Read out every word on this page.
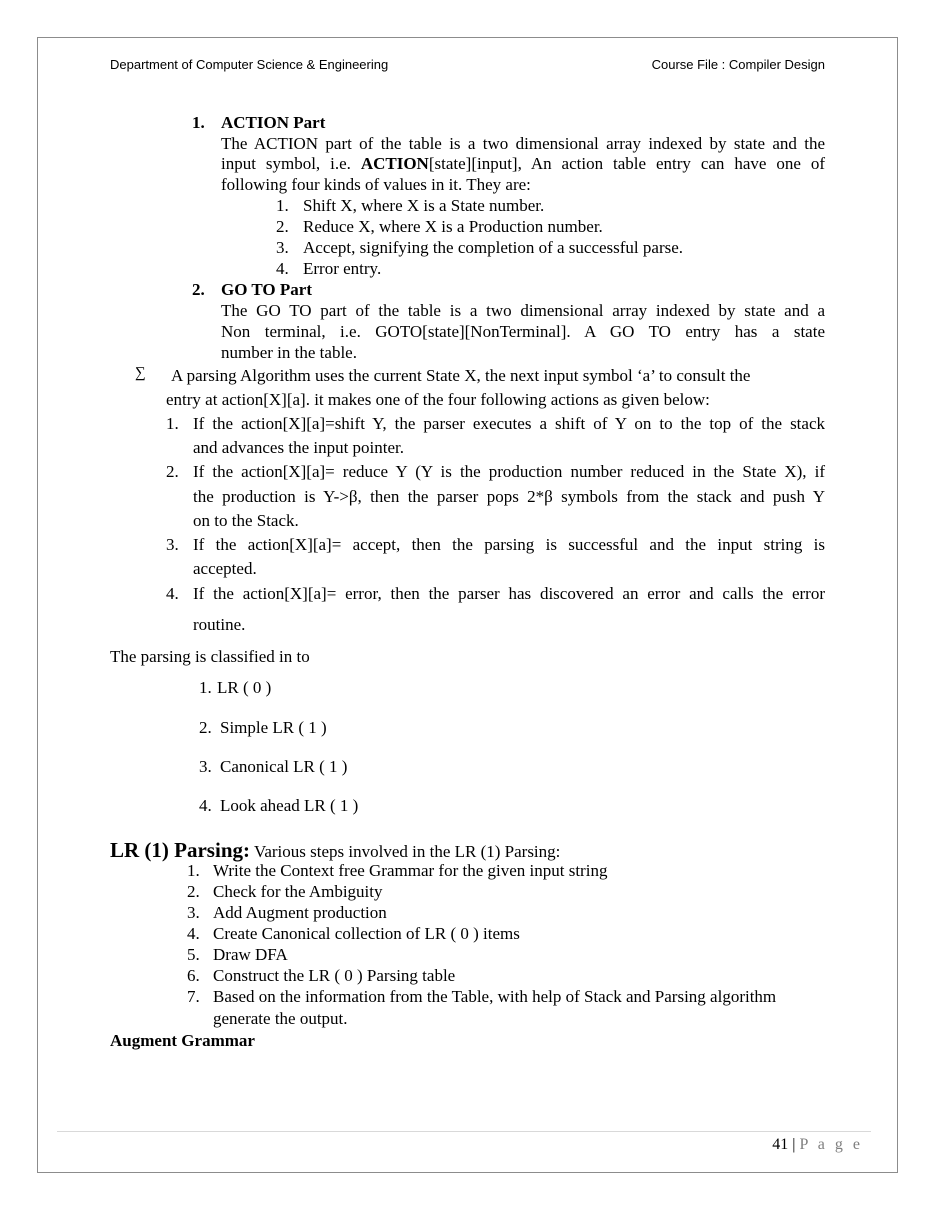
Department of Computer Science & Engineering	Course File : Compiler Design
1. ACTION Part
The ACTION part of the table is a two dimensional array indexed by state and the
input symbol, i.e. ACTION[state][input], An action table entry can have one of
following four kinds of values in it. They are:
1. Shift X, where X is a State number.
2. Reduce X, where X is a Production number.
3. Accept, signifying the completion of a successful parse.
4. Error entry.
2. GO TO Part
The GO TO part of the table is a two dimensional array indexed by state and a
Non terminal, i.e. GOTO[state][NonTerminal]. A GO TO entry has a state
number in the table.
∑ A parsing Algorithm uses the current State X, the next input symbol ‘a’ to consult the
entry at action[X][a]. it makes one of the four following actions as given below:
1. If the action[X][a]=shift Y, the parser executes a shift of Y on to the top of the stack
and advances the input pointer.
2. If the action[X][a]= reduce Y (Y is the production number reduced in the State X), if
the production is Y->β, then the parser pops 2*β symbols from the stack and push Y
on to the Stack.
3. If the action[X][a]= accept, then the parsing is successful and the input string is
accepted.
4. If the action[X][a]= error, then the parser has discovered an error and calls the error
routine.
The parsing is classified in to
1. LR ( 0 )
2. Simple LR ( 1 )
3. Canonical LR ( 1 )
4. Look ahead LR ( 1 )
LR (1) Parsing: Various steps involved in the LR (1) Parsing:
1. Write the Context free Grammar for the given input string
2. Check for the Ambiguity
3. Add Augment production
4. Create Canonical collection of LR ( 0 ) items
5. Draw DFA
6. Construct the LR ( 0 ) Parsing table
7. Based on the information from the Table, with help of Stack and Parsing algorithm
generate the output.
Augment Grammar
41 | P a g e
